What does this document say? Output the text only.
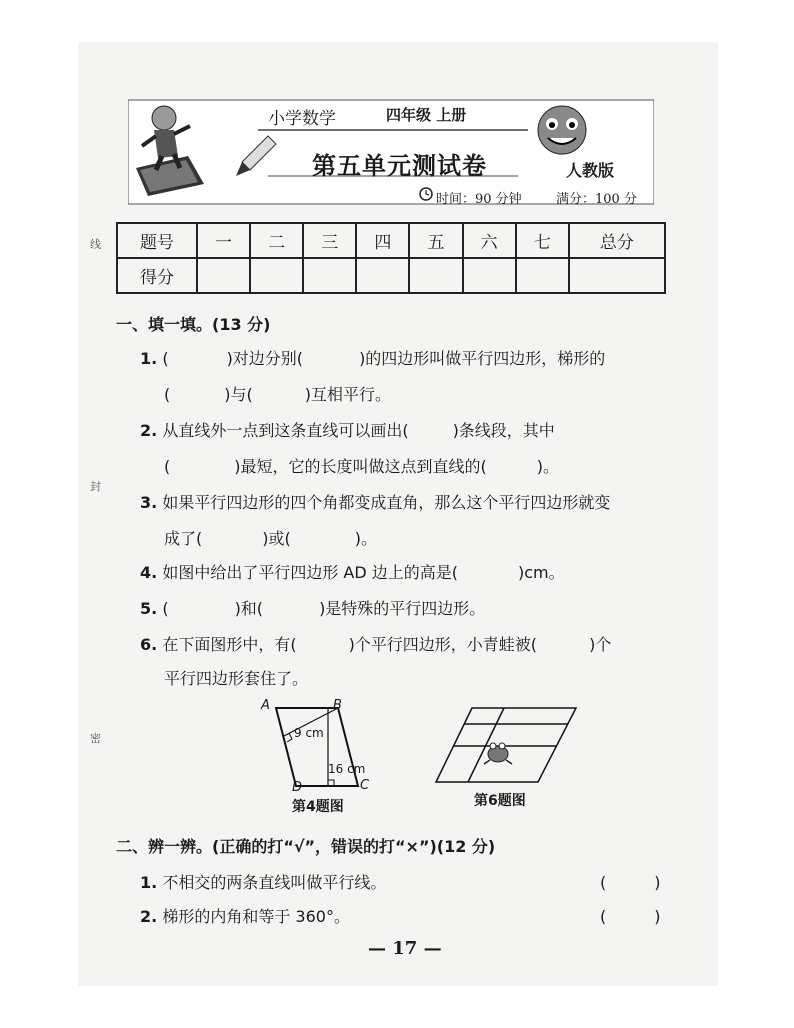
小学数学	四年级 上册
第五单元测试卷	人教版
时间：90 分钟	满分：100 分
线
封
密
题号	一	二	三	四	五	六	七	总分
得分								
一、填一填。(13 分)
1. (	)对边分别(	)的四边形叫做平行四边形，梯形的
(	)与(	)互相平行。
2. 从直线外一点到这条直线可以画出(	)条线段，其中
(	)最短，它的长度叫做这点到直线的(	)。
3. 如果平行四边形的四个角都变成直角，那么这个平行四边形就变
成了(	)或(	)。
4. 如图中给出了平行四边形 AD 边上的高是(	)cm。
5. (	)和(	)是特殊的平行四边形。
6. 在下面图形中，有(	)个平行四边形，小青蛙被(	)个
平行四边形套住了。
A	B
C
D
9 cm
16 cm
第4题图	第6题图
二、辨一辨。(正确的打“√”，错误的打“×”)(12 分)
1. 不相交的两条直线叫做平行线。	(　　　)
2. 梯形的内角和等于 360°。	(　　　)
— 17 —
